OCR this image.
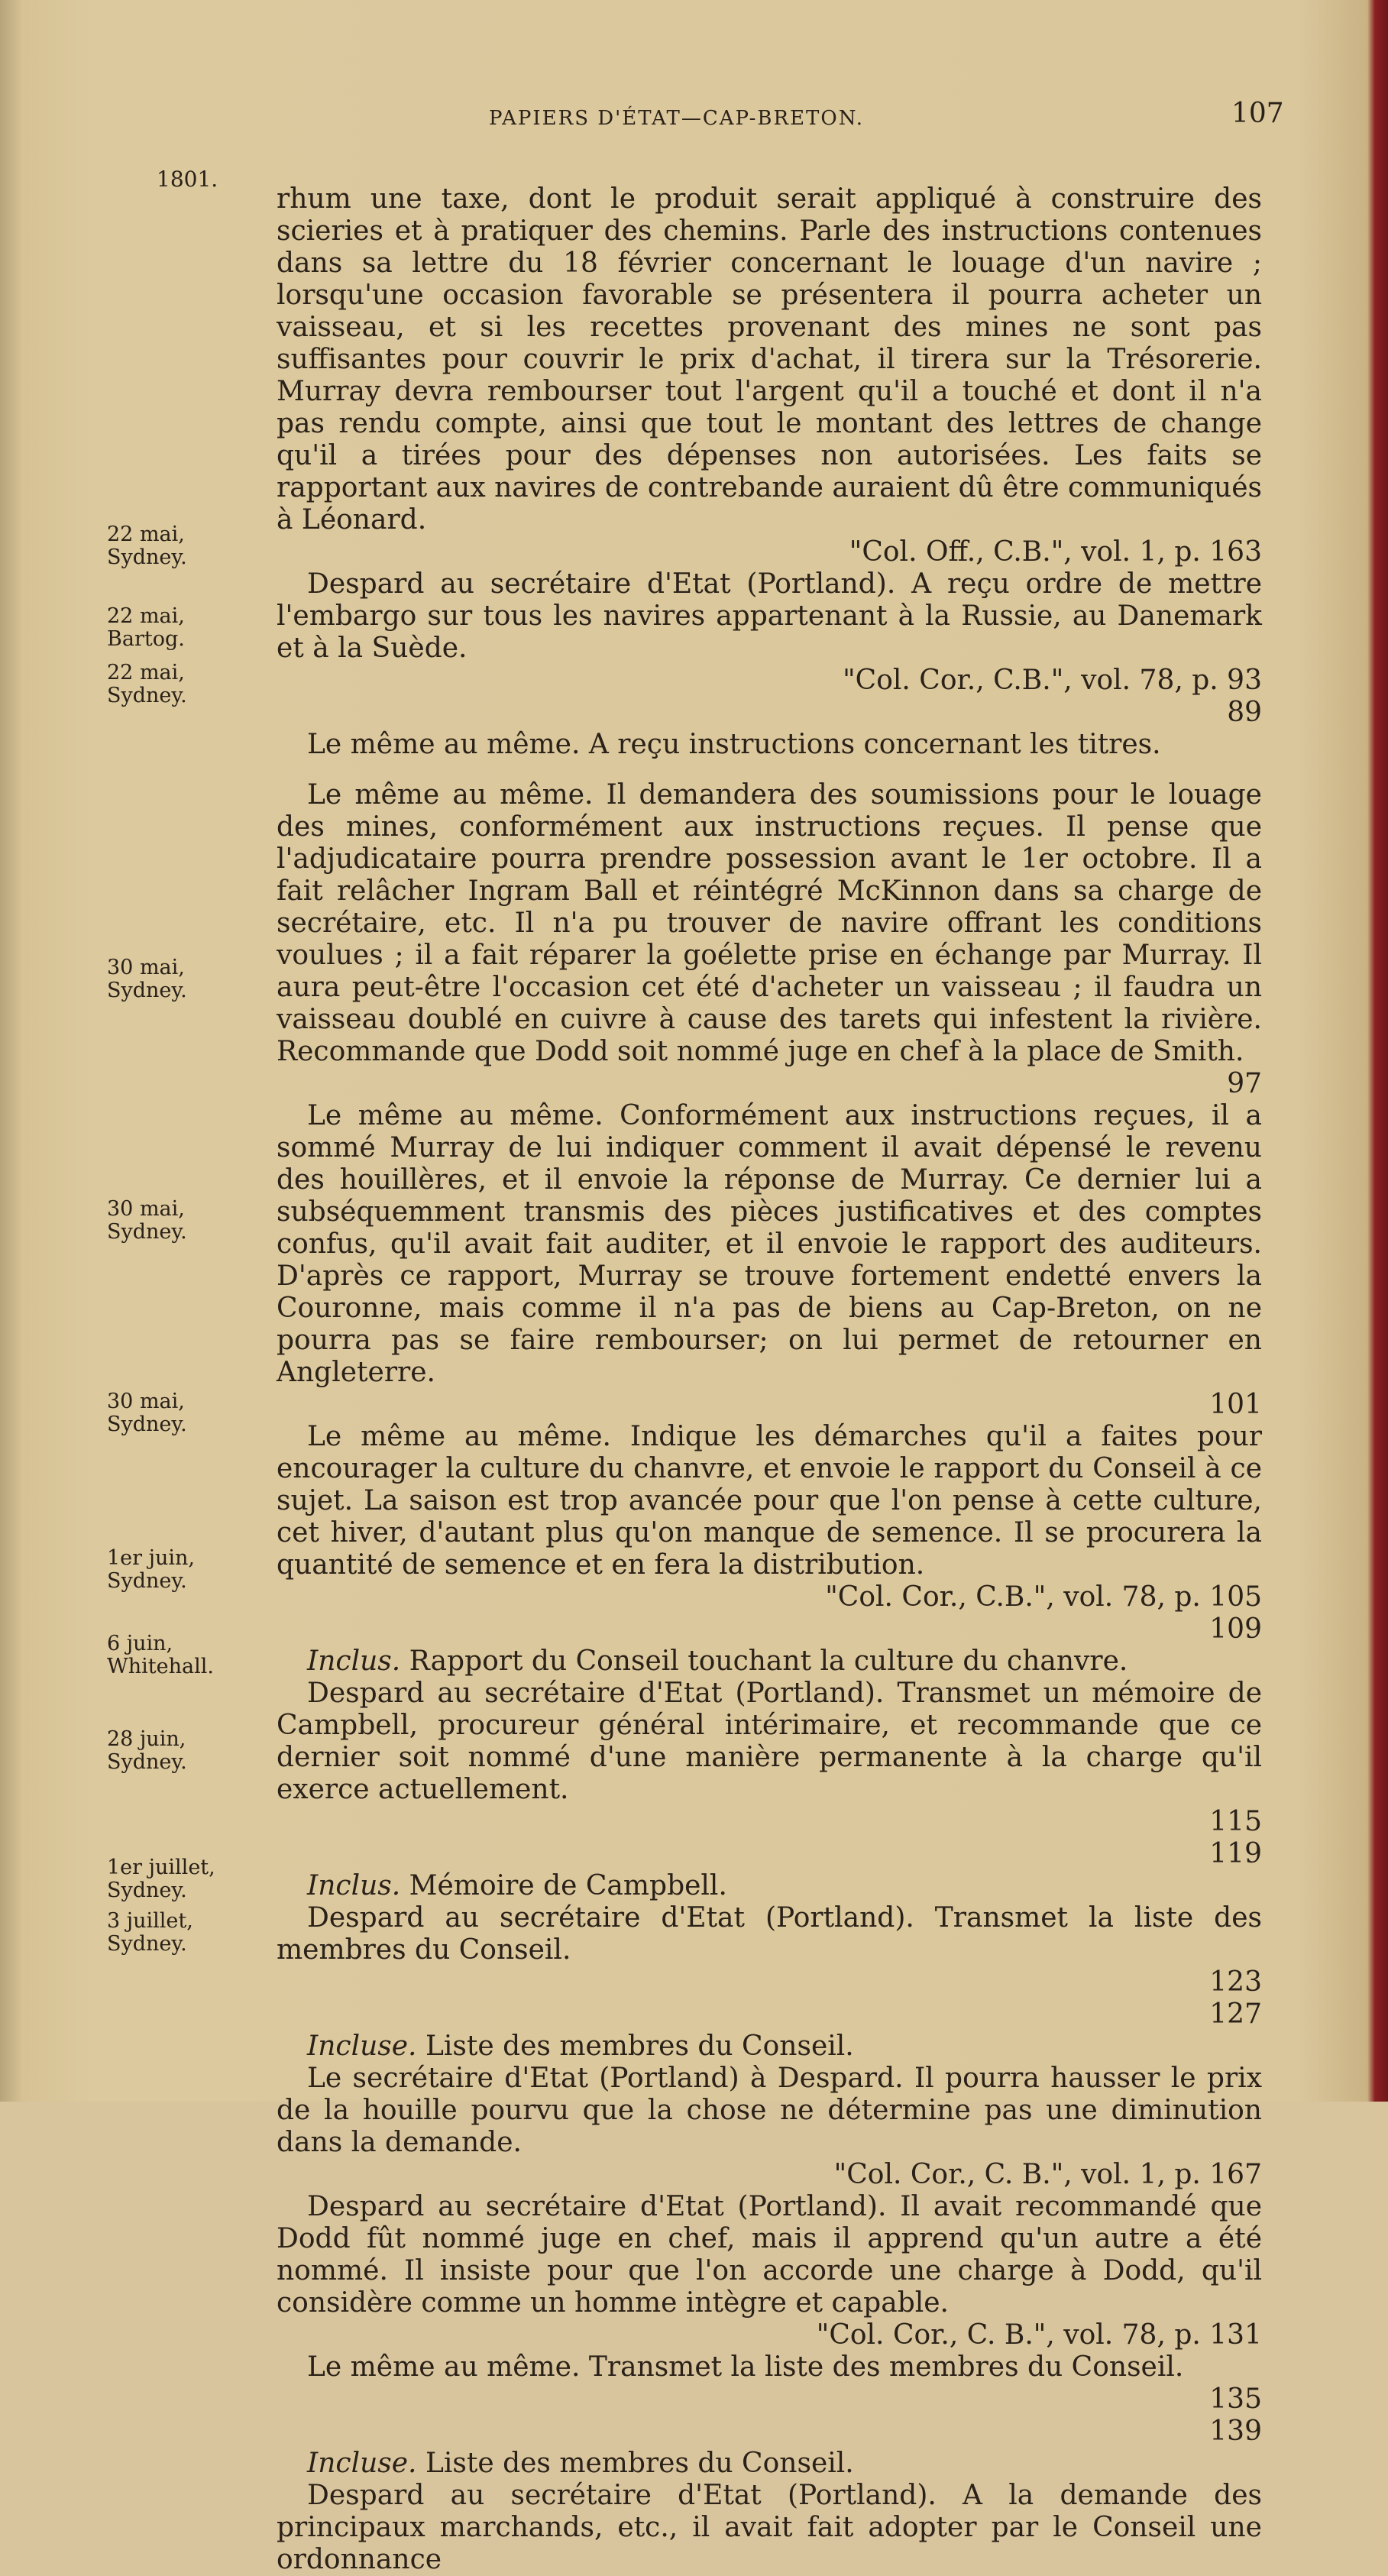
PAPIERS D'ÉTAT—CAP-BRETON.	107
1801.
22 mai,
Sydney.
22 mai,
Bartog.
22 mai,
Sydney.
30 mai,
Sydney.
30 mai,
Sydney.
30 mai,
Sydney.
1er juin,
Sydney.
6 juin,
Whitehall.
28 juin,
Sydney.
1er juillet,
Sydney.
3 juillet,
Sydney.
rhum une taxe, dont le produit serait appliqué à construire des scieries et à pratiquer des chemins. Parle des instructions contenues dans sa lettre du 18 février concernant le louage d'un navire ; lorsqu'une occasion favorable se présentera il pourra acheter un vaisseau, et si les recettes provenant des mines ne sont pas suffisantes pour couvrir le prix d'achat, il tirera sur la Trésorerie. Murray devra rembourser tout l'argent qu'il a touché et dont il n'a pas rendu compte, ainsi que tout le montant des lettres de change qu'il a tirées pour des dépenses non autorisées. Les faits se rapportant aux navires de contrebande auraient dû être communiqués à Léonard.
"Col. Off., C.B.", vol. 1, p. 163

Despard au secrétaire d'Etat (Portland). A reçu ordre de mettre l'embargo sur tous les navires appartenant à la Russie, au Danemark et à la Suède.

"Col. Cor., C.B.", vol. 78, p. 93
89

Le même au même. A reçu instructions concernant les titres.

Le même au même. Il demandera des soumissions pour le louage des mines, conformément aux instructions reçues. Il pense que l'adjudicataire pourra prendre possession avant le 1er octobre. Il a fait relâcher Ingram Ball et réintégré McKinnon dans sa charge de secrétaire, etc. Il n'a pu trouver de navire offrant les conditions voulues ; il a fait réparer la goélette prise en échange par Murray. Il aura peut-être l'occasion cet été d'acheter un vaisseau ; il faudra un vaisseau doublé en cuivre à cause des tarets qui infestent la rivière. Recommande que Dodd soit nommé juge en chef à la place de Smith.

97

Le même au même. Conformément aux instructions reçues, il a sommé Murray de lui indiquer comment il avait dépensé le revenu des houillères, et il envoie la réponse de Murray. Ce dernier lui a subséquemment transmis des pièces justificatives et des comptes confus, qu'il avait fait auditer, et il envoie le rapport des auditeurs. D'après ce rapport, Murray se trouve fortement endetté envers la Couronne, mais comme il n'a pas de biens au Cap-Breton, on ne pourra pas se faire rembourser; on lui permet de retourner en Angleterre.

101

Le même au même. Indique les démarches qu'il a faites pour encourager la culture du chanvre, et envoie le rapport du Conseil à ce sujet. La saison est trop avancée pour que l'on pense à cette culture, cet hiver, d'autant plus qu'on manque de semence. Il se procurera la quantité de semence et en fera la distribution.

"Col. Cor., C.B.", vol. 78, p. 105
109

Inclus. Rapport du Conseil touchant la culture du chanvre.

Despard au secrétaire d'Etat (Portland). Transmet un mémoire de Campbell, procureur général intérimaire, et recommande que ce dernier soit nommé d'une manière permanente à la charge qu'il exerce actuellement.

115
119

Inclus. Mémoire de Campbell.

Despard au secrétaire d'Etat (Portland). Transmet la liste des membres du Conseil.

123
127

Incluse. Liste des membres du Conseil.

Le secrétaire d'Etat (Portland) à Despard. Il pourra hausser le prix de la houille pourvu que la chose ne détermine pas une diminution dans la demande.

"Col. Cor., C. B.", vol. 1, p. 167

Despard au secrétaire d'Etat (Portland). Il avait recommandé que Dodd fût nommé juge en chef, mais il apprend qu'un autre a été nommé. Il insiste pour que l'on accorde une charge à Dodd, qu'il considère comme un homme intègre et capable.

"Col. Cor., C. B.", vol. 78, p. 131

Le même au même. Transmet la liste des membres du Conseil.

135
139

Incluse. Liste des membres du Conseil.

Despard au secrétaire d'Etat (Portland). A la demande des principaux marchands, etc., il avait fait adopter par le Conseil une ordonnance
